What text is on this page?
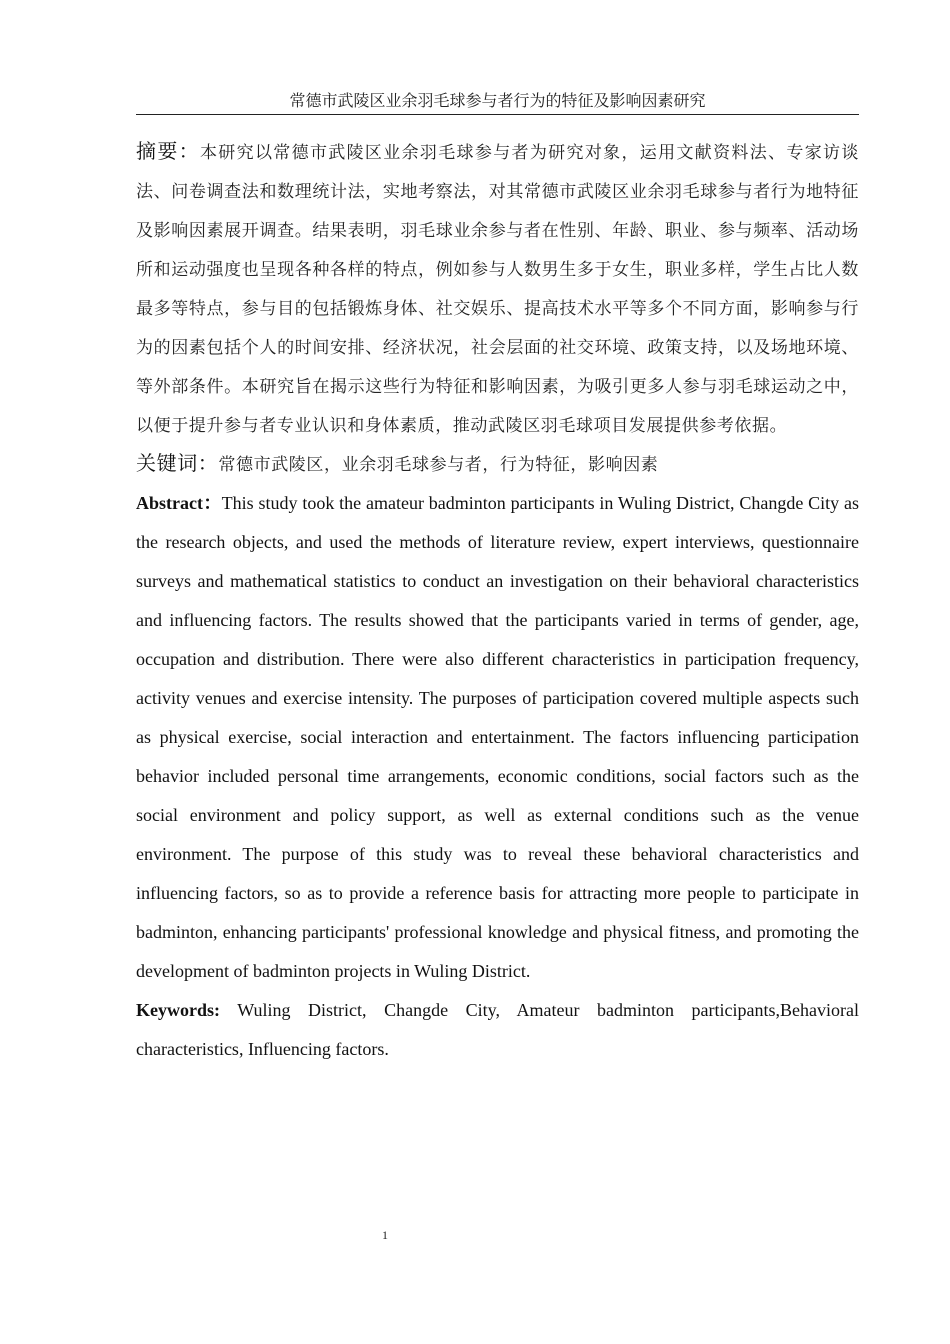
常德市武陵区业余羽毛球参与者行为的特征及影响因素研究

摘要：本研究以常德市武陵区业余羽毛球参与者为研究对象，运用文献资料法、专家访谈法、问卷调查法和数理统计法，实地考察法，对其常德市武陵区业余羽毛球参与者行为地特征及影响因素展开调查。结果表明，羽毛球业余参与者在性别、年龄、职业、参与频率、活动场所和运动强度也呈现各种各样的特点，例如参与人数男生多于女生，职业多样，学生占比人数最多等特点，参与目的包括锻炼身体、社交娱乐、提高技术水平等多个不同方面，影响参与行为的因素包括个人的时间安排、经济状况，社会层面的社交环境、政策支持，以及场地环境、等外部条件。本研究旨在揭示这些行为特征和影响因素，为吸引更多人参与羽毛球运动之中，以便于提升参与者专业认识和身体素质，推动武陵区羽毛球项目发展提供参考依据。

关键词：常德市武陵区，业余羽毛球参与者，行为特征，影响因素

Abstract：This study took the amateur badminton participants in Wuling District, Changde City as the research objects, and used the methods of literature review, expert interviews, questionnaire surveys and mathematical statistics to conduct an investigation on their behavioral characteristics and influencing factors. The results showed that the participants varied in terms of gender, age, occupation and distribution. There were also different characteristics in participation frequency, activity venues and exercise intensity. The purposes of participation covered multiple aspects such as physical exercise, social interaction and entertainment. The factors influencing participation behavior included personal time arrangements, economic conditions, social factors such as the social environment and policy support, as well as external conditions such as the venue environment. The purpose of this study was to reveal these behavioral characteristics and influencing factors, so as to provide a reference basis for attracting more people to participate in badminton, enhancing participants' professional knowledge and physical fitness, and promoting the development of badminton projects in Wuling District.

Keywords: Wuling District, Changde City, Amateur badminton participants,Behavioral characteristics, Influencing factors.

1
